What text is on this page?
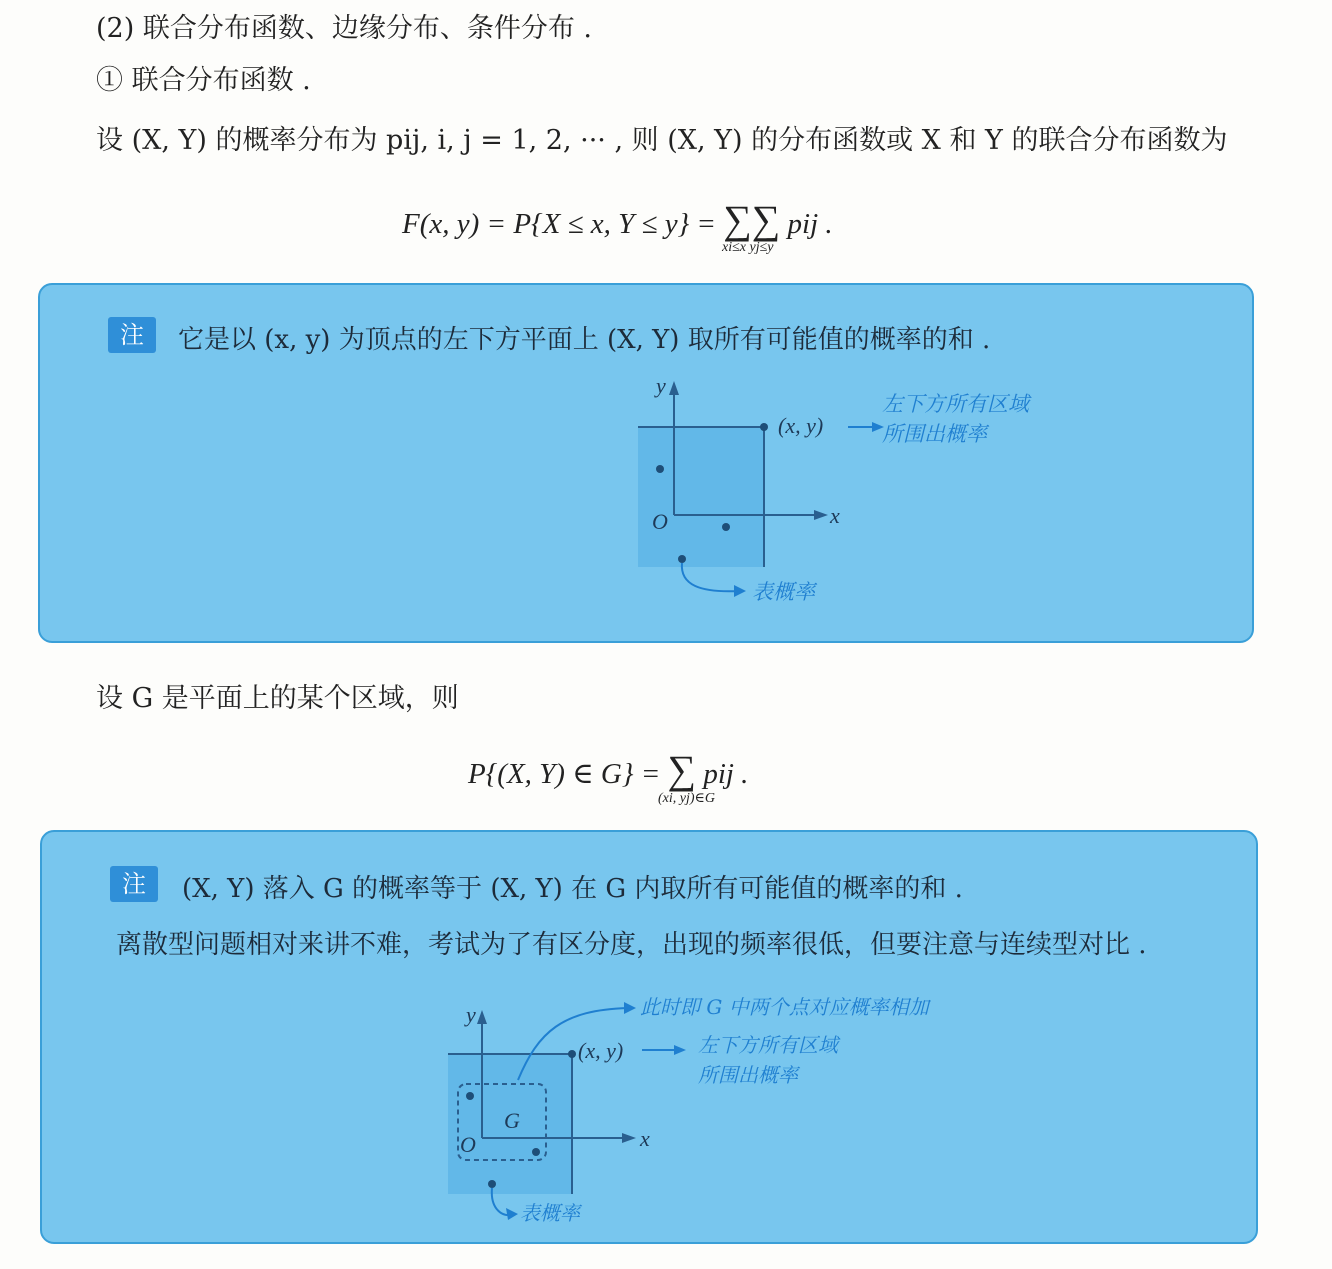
(2) 联合分布函数、边缘分布、条件分布 .
① 联合分布函数 .
设 (X, Y) 的概率分布为 pij, i, j = 1, 2, ··· , 则 (X, Y) 的分布函数或 X 和 Y 的联合分布函数为
F(x, y) = P{X ≤ x, Y ≤ y} = ∑∑ pij .
xi≤x yj≤y
注	它是以 (x, y) 为顶点的左下方平面上 (X, Y) 取所有可能值的概率的和 .
y
x
O
(x, y)
左下方所有区域
所围出概率
表概率
设 G 是平面上的某个区域，则
P{(X, Y) ∈ G} = ∑ pij .
(xi, yj)∈G
注	(X, Y) 落入 G 的概率等于 (X, Y) 在 G 内取所有可能值的概率的和 .
离散型问题相对来讲不难，考试为了有区分度，出现的频率很低，但要注意与连续型对比 .
y
x
O
G
(x, y)
此时即 G 中两个点对应概率相加
左下方所有区域
所围出概率
表概率
